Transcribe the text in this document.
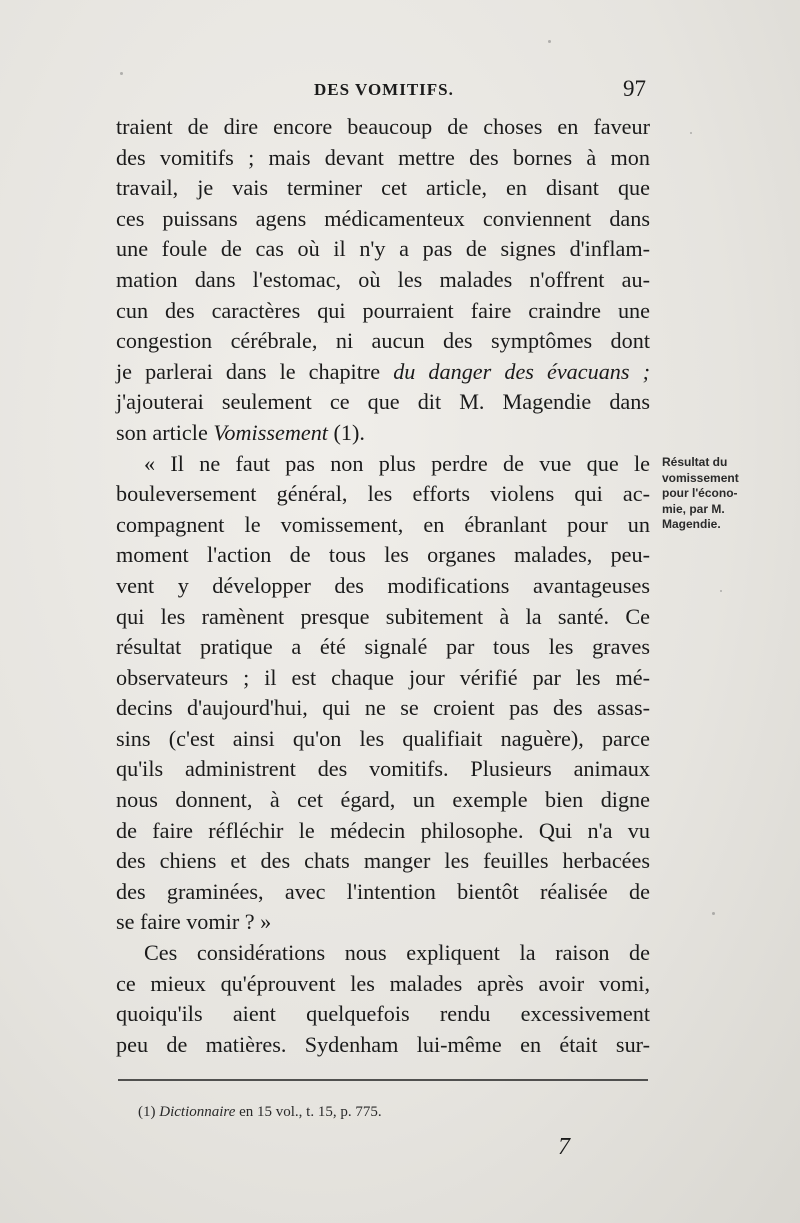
DES VOMITIFS.	97
traient de dire encore beaucoup de choses en faveur
des vomitifs ; mais devant mettre des bornes à mon
travail, je vais terminer cet article, en disant que
ces puissans agens médicamenteux conviennent dans
une foule de cas où il n'y a pas de signes d'inflam-
mation dans l'estomac, où les malades n'offrent au-
cun des caractères qui pourraient faire craindre une
congestion cérébrale, ni aucun des symptômes dont
je parlerai dans le chapitre du danger des évacuans ;
j'ajouterai seulement ce que dit M. Magendie dans
son article Vomissement (1).
« Il ne faut pas non plus perdre de vue que le
bouleversement général, les efforts violens qui ac-
compagnent le vomissement, en ébranlant pour un
moment l'action de tous les organes malades, peu-
vent y développer des modifications avantageuses
qui les ramènent presque subitement à la santé. Ce
résultat pratique a été signalé par tous les graves
observateurs ; il est chaque jour vérifié par les mé-
decins d'aujourd'hui, qui ne se croient pas des assas-
sins (c'est ainsi qu'on les qualifiait naguère), parce
qu'ils administrent des vomitifs. Plusieurs animaux
nous donnent, à cet égard, un exemple bien digne
de faire réfléchir le médecin philosophe. Qui n'a vu
des chiens et des chats manger les feuilles herbacées
des graminées, avec l'intention bientôt réalisée de
se faire vomir ? »
Ces considérations nous expliquent la raison de
ce mieux qu'éprouvent les malades après avoir vomi,
quoiqu'ils aient quelquefois rendu excessivement
peu de matières. Sydenham lui-même en était sur-
Résultat du
vomissement
pour l'écono-
mie, par M.
Magendie.
(1) Dictionnaire en 15 vol., t. 15, p. 775.
7
